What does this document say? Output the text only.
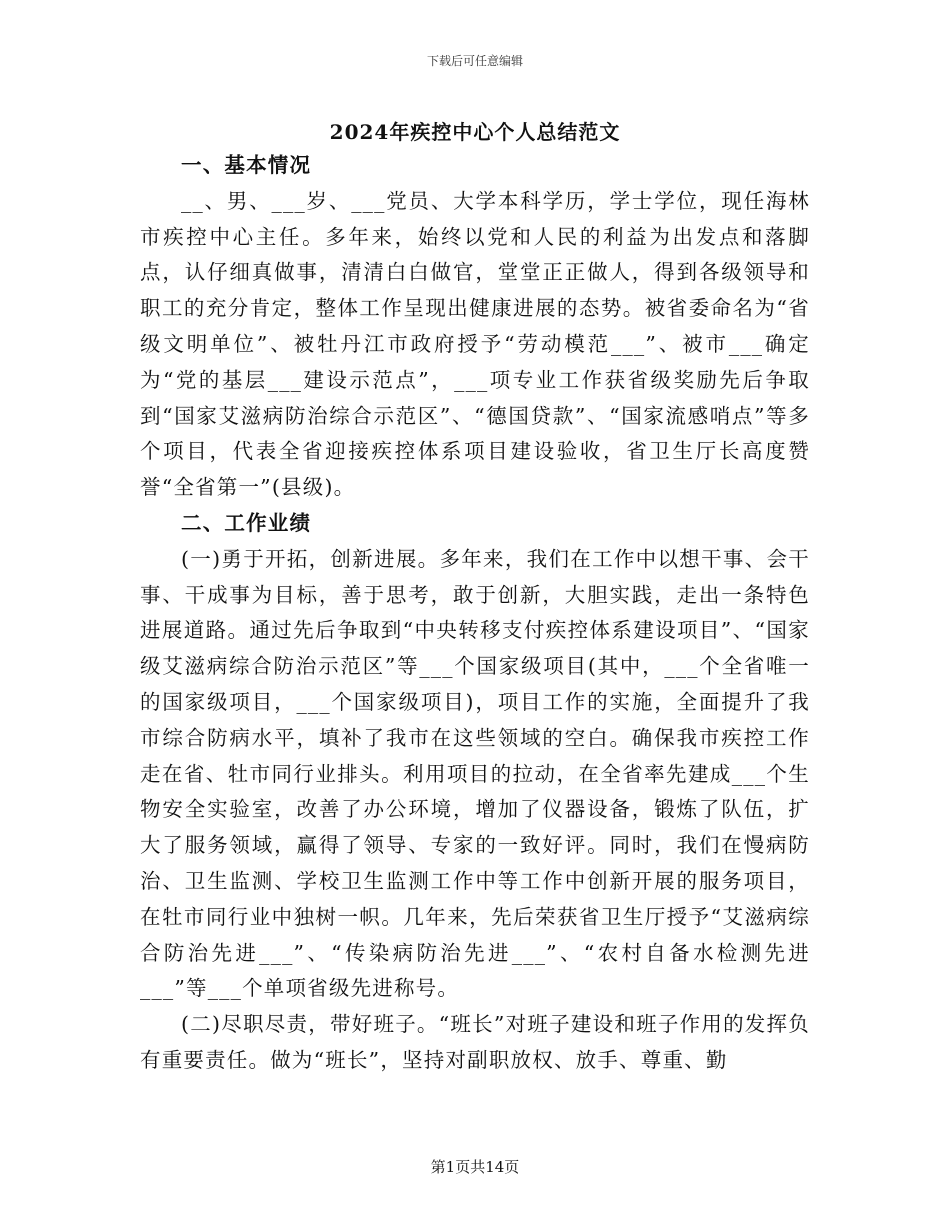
下载后可任意编辑
2024年疾控中心个人总结范文
一、基本情况

__、男、___岁、___党员、大学本科学历，学士学位，现任海林市疾控中心主任。多年来，始终以党和人民的利益为出发点和落脚点，认仔细真做事，清清白白做官，堂堂正正做人，得到各级领导和职工的充分肯定，整体工作呈现出健康进展的态势。被省委命名为“省级文明单位”、被牡丹江市政府授予“劳动模范___”、被市___确定为“党的基层___建设示范点”，___项专业工作获省级奖励先后争取到“国家艾滋病防治综合示范区”、“德国贷款”、“国家流感哨点”等多个项目，代表全省迎接疾控体系项目建设验收，省卫生厅长高度赞誉“全省第一”(县级)。

二、工作业绩

(一)勇于开拓，创新进展。多年来，我们在工作中以想干事、会干事、干成事为目标，善于思考，敢于创新，大胆实践，走出一条特色进展道路。通过先后争取到“中央转移支付疾控体系建设项目”、“国家级艾滋病综合防治示范区”等___个国家级项目(其中，___个全省唯一的国家级项目，___个国家级项目)，项目工作的实施，全面提升了我市综合防病水平，填补了我市在这些领域的空白。确保我市疾控工作走在省、牡市同行业排头。利用项目的拉动，在全省率先建成___个生物安全实验室，改善了办公环境，增加了仪器设备，锻炼了队伍，扩大了服务领域，赢得了领导、专家的一致好评。同时，我们在慢病防治、卫生监测、学校卫生监测工作中等工作中创新开展的服务项目，在牡市同行业中独树一帜。几年来，先后荣获省卫生厅授予“艾滋病综合防治先进___”、“传染病防治先进___”、“农村自备水检测先进___”等___个单项省级先进称号。

(二)尽职尽责，带好班子。“班长”对班子建设和班子作用的发挥负有重要责任。做为“班长”，坚持对副职放权、放手、尊重、勤

第1页共14页
